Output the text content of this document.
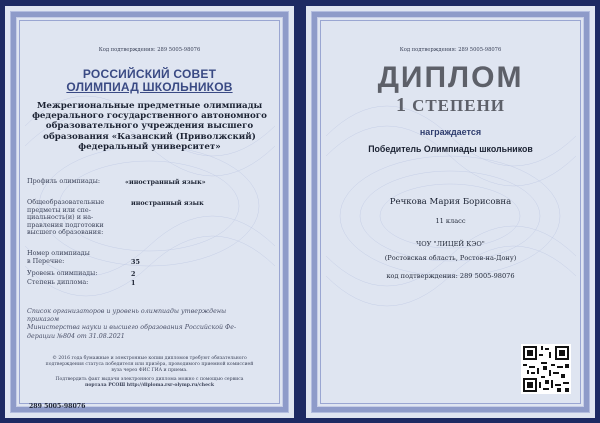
Код подтверждения: 289 5005-98076
РОССИЙСКИЙ СОВЕТ
ОЛИМПИАД ШКОЛЬНИКОВ
Межрегиональные предметные олимпиады
федерального государственного автономного
образовательного учреждения высшего
образования «Казанский (Приволжский)
федеральный университет»
Профиль олимпиады:	«иностранный язык»
Общеобразовательные
предметы или спе-
циальность(и) и на-
правления подготовки
высшего образования:
иностранный язык
Номер олимпиады
в Перечне:	35
Уровень олимпиады:	2
Степень диплома:	1
Список организаторов и уровень олимпиады утверждены
приказом
Министерства науки и высшего образования Российской Фе-
дерации №804 от 31.08.2021
© 2016 года бумажные и электронные копии дипломов требуют обязательного
подтверждения статуса победителя или призёра, проводимого приемной комиссией
вуза через ФИС ГИА и приема.
Подтвердить факт выдачи электронного диплома можно с помощью сервиса
портала РСОШ http://diploma.rsr-olymp.ru/check
289 5005-98076
Код подтверждения: 289 5005-98076
ДИПЛОМ
1 СТЕПЕНИ
награждается
Победитель Олимпиады школьников
Речкова Мария Борисовна
11 класс
ЧОУ "ЛИЦЕЙ КЭО"
(Ростовская область, Ростов-на-Дону)
код подтверждения: 289 5005-98076
